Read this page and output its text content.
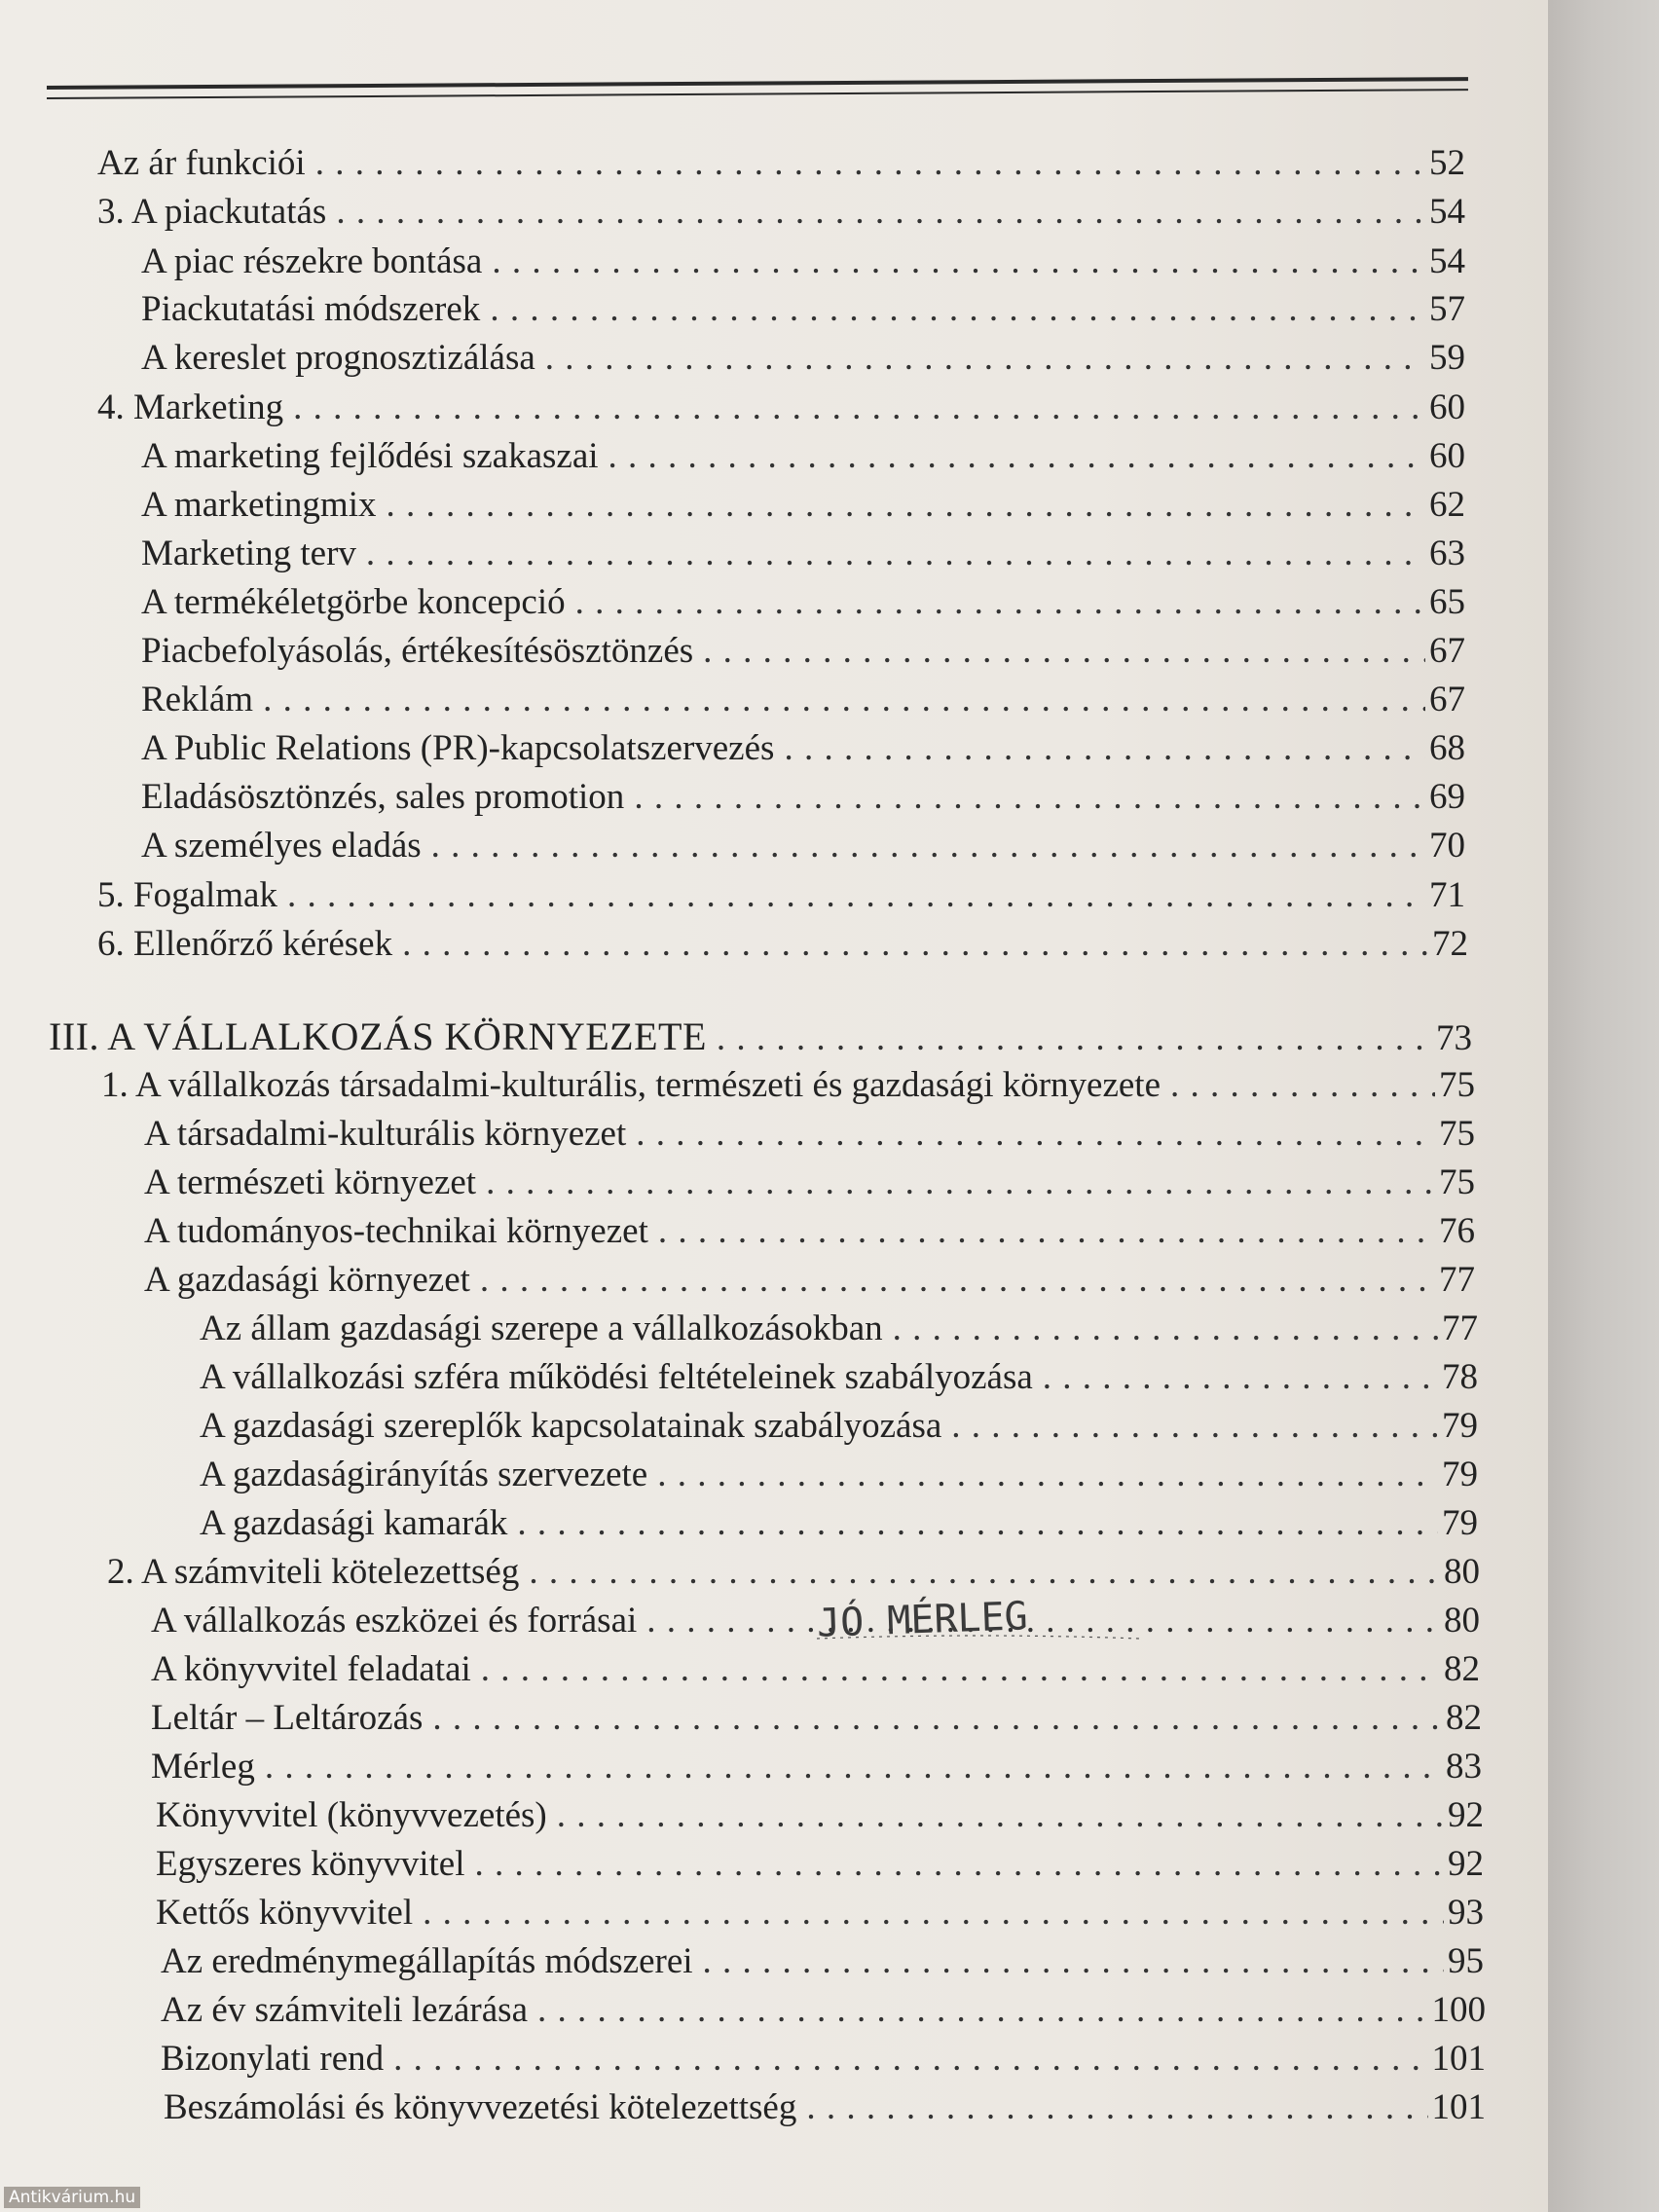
Az ár funkciói . . .	52
3. A piackutatás . . .	54
A piac részekre bontása . . .	54
Piackutatási módszerek . . .	57
A kereslet prognosztizálása . . .	59
4. Marketing . . .	60
A marketing fejlődési szakaszai . . .	60
A marketingmix . . .	62
Marketing terv . . .	63
A termékéletgörbe koncepció . . .	65
Piacbefolyásolás, értékesítésösztönzés . . .	67
Reklám . . .	67
A Public Relations (PR)-kapcsolatszervezés . . .	68
Eladásösztönzés, sales promotion . . .	69
A személyes eladás . . .	70
5. Fogalmak . . .	71
6. Ellenőrző kérések . . .	72
III. A VÁLLALKOZÁS KÖRNYEZETE . . .	73
1. A vállalkozás társadalmi-kulturális, természeti és gazdasági környezete . . .	75
A társadalmi-kulturális környezet . . .	75
A természeti környezet . . .	75
A tudományos-technikai környezet . . .	76
A gazdasági környezet . . .	77
Az állam gazdasági szerepe a vállalkozásokban . . .	77
A vállalkozási szféra működési feltételeinek szabályozása . . .	78
A gazdasági szereplők kapcsolatainak szabályozása . . .	79
A gazdaságirányítás szervezete . . .	79
A gazdasági kamarák . . .	79
2. A számviteli kötelezettség . . .	80
A vállalkozás eszközei és forrásai . . .	80
A könyvvitel feladatai . . .	82
Leltár – Leltározás . . .	82
Mérleg . . .	83
Könyvvitel (könyvvezetés) . . .	92
Egyszeres könyvvitel . . .	92
Kettős könyvvitel . . .	93
Az eredménymegállapítás módszerei . . .	95
Az év számviteli lezárása . . .	100
Bizonylati rend . . .	101
Beszámolási és könyvvezetési kötelezettség . . .	101
JÓ MÉRLEG
Antikvárium.hu
